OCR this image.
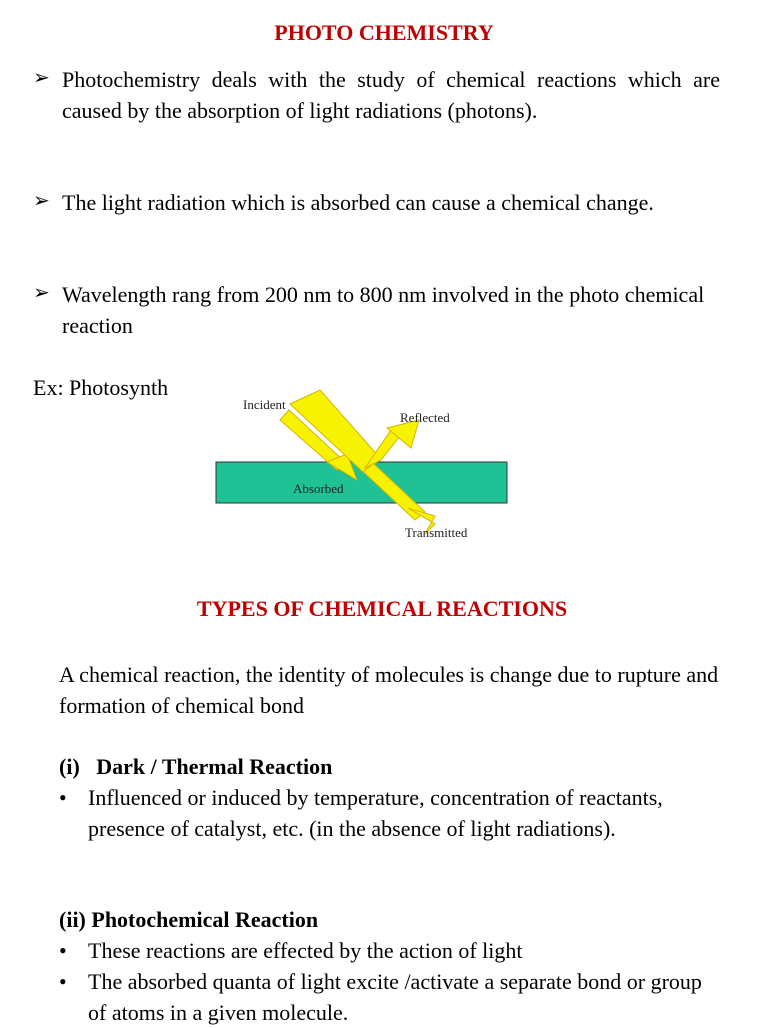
PHOTO CHEMISTRY
➢ Photochemistry deals with the study of chemical reactions which are caused by the absorption of light radiations (photons).
➢ The light radiation which is absorbed can cause a chemical change.
➢ Wavelength rang from 200 nm to 800 nm involved in the photo chemical reaction
Ex: Photosynth
Incident
Reflected
Absorbed
Transmitted
TYPES OF CHEMICAL REACTIONS
A chemical reaction, the identity of molecules is change due to rupture and formation of chemical bond
(i)   Dark / Thermal Reaction
• Influenced or induced by temperature, concentration of reactants, presence of catalyst, etc. (in the absence of light radiations).
(ii) Photochemical Reaction
• These reactions are effected by the action of light
• The absorbed quanta of light excite /activate a separate bond or group of atoms in a given molecule.
